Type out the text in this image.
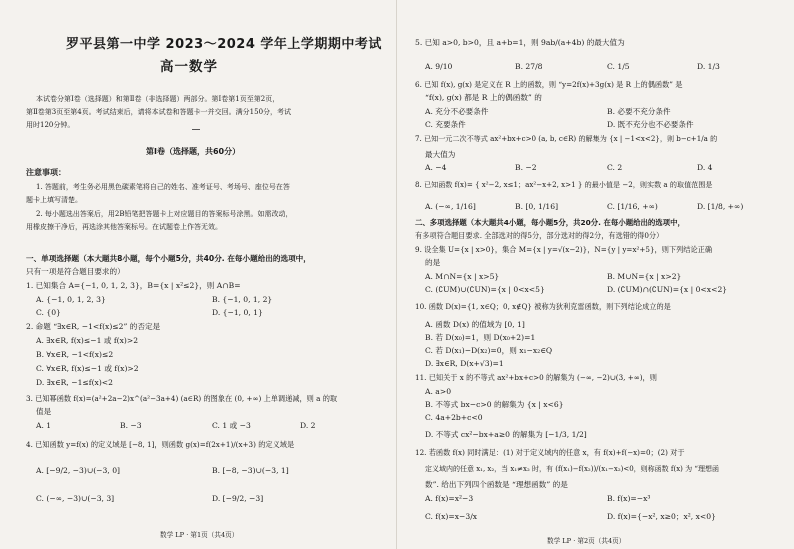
罗平县第一中学 2023～2024 学年上学期期中考试
高一数学
本试卷分第Ⅰ卷（选择题）和第Ⅱ卷（非选择题）两部分。第Ⅰ卷第1页至第2页，
第Ⅱ卷第3页至第4页。考试结束后，请将本试卷和答题卡一并交回。满分150分，考试
用时120分钟。
第Ⅰ卷（选择题，共60分）
注意事项：
1. 答题前，考生务必用黑色碳素笔将自己的姓名、准考证号、考场号、座位号在答
题卡上填写清楚。
2. 每小题选出答案后，用2B铅笔把答题卡上对应题目的答案标号涂黑。如需改动，
用橡皮擦干净后，再选涂其他答案标号。在试题卷上作答无效。
一、单项选择题（本大题共8小题，每个小题5分，共40分. 在每小题给出的选项中，
只有一项是符合题目要求的）
1. 已知集合 A={−1, 0, 1, 2, 3}，B={x | x²≤2}，则 A∩B=
A. {−1, 0, 1, 2, 3}	B. {−1, 0, 1, 2}
C. {0}	D. {−1, 0, 1}
2. 命题 “∃x∈R, −1<f(x)≤2” 的否定是
A. ∃x∈R, f(x)≤−1 或 f(x)>2
B. ∀x∈R, −1<f(x)≤2
C. ∀x∈R, f(x)≤−1 或 f(x)>2
D. ∃x∈R, −1≤f(x)<2
3. 已知幂函数 f(x)=(a²+2a−2)x^(a²−3a+4) (a∈R) 的图象在 (0, +∞) 上单调递减，则 a 的取
值是
A. 1	B. −3	C. 1 或 −3	D. 2
4. 已知函数 y=f(x) 的定义域是 [−8, 1]，则函数 g(x)=f(2x+1)/(x+3) 的定义域是
A. [−9/2, −3)∪(−3, 0]	B. [−8, −3)∪(−3, 1]
C. (−∞, −3)∪(−3, 3]	D. [−9/2, −3]
数学 LP · 第1页（共4页）
5. 已知 a>0, b>0，且 a+b=1，则 9ab/(a+4b) 的最大值为
A. 9/10	B. 27/8	C. 1/5	D. 1/3
6. 已知 f(x), g(x) 是定义在 R 上的函数，则 “y=2f(x)+3g(x) 是 R 上的偶函数” 是
“f(x), g(x) 都是 R 上的偶函数” 的
A. 充分不必要条件	B. 必要不充分条件
C. 充要条件	D. 既不充分也不必要条件
7. 已知一元二次不等式 ax²+bx+c>0 (a, b, c∈R) 的解集为 {x | −1<x<2}，则 b−c+1/a 的
最大值为
A. −4	B. −2	C. 2	D. 4
8. 已知函数 f(x)= { x²−2, x≤1；ax²−x+2, x>1 } 的最小值是 −2，则实数 a 的取值范围是
A. (−∞, 1/16]	B. [0, 1/16]	C. [1/16, +∞)	D. [1/8, +∞)
二、多项选择题（本大题共4小题，每小题5分，共20分. 在每小题给出的选项中，
有多项符合题目要求. 全部选对的得5分，部分选对的得2分，有选错的得0分）
9. 设全集 U={x | x>0}，集合 M={x | y=√(x−2)}，N={y | y=x²+5}，则下列结论正确
的是
A. M∩N={x | x>5}	B. M∪N={x | x>2}
C. (∁UM)∪(∁UN)={x | 0<x<5}	D. (∁UM)∩(∁UN)={x | 0<x<2}
10. 函数 D(x)={1, x∈Q；0, x∉Q} 被称为狄利克雷函数，则下列结论成立的是
A. 函数 D(x) 的值域为 [0, 1]
B. 若 D(x₀)=1，则 D(x₀+2)=1
C. 若 D(x₁)−D(x₂)=0，则 x₁−x₂∈Q
D. ∃x∈R, D(x+√3)=1
11. 已知关于 x 的不等式 ax²+bx+c>0 的解集为 (−∞, −2)∪(3, +∞)，则
A. a>0
B. 不等式 bx−c>0 的解集为 {x | x<6}
C. 4a+2b+c<0
D. 不等式 cx²−bx+a≥0 的解集为 [−1/3, 1/2]
12. 若函数 f(x) 同时满足：(1) 对于定义域内的任意 x，有 f(x)+f(−x)=0；(2) 对于
定义域内的任意 x₁, x₂，当 x₁≠x₂ 时，有 (f(x₁)−f(x₂))/(x₁−x₂)<0，则称函数 f(x) 为 “理想函
数”. 给出下列四个函数是 “理想函数” 的是
A. f(x)=x²−3	B. f(x)=−x³
C. f(x)=x−3/x	D. f(x)={−x², x≥0；x², x<0}
数学 LP · 第2页（共4页）
